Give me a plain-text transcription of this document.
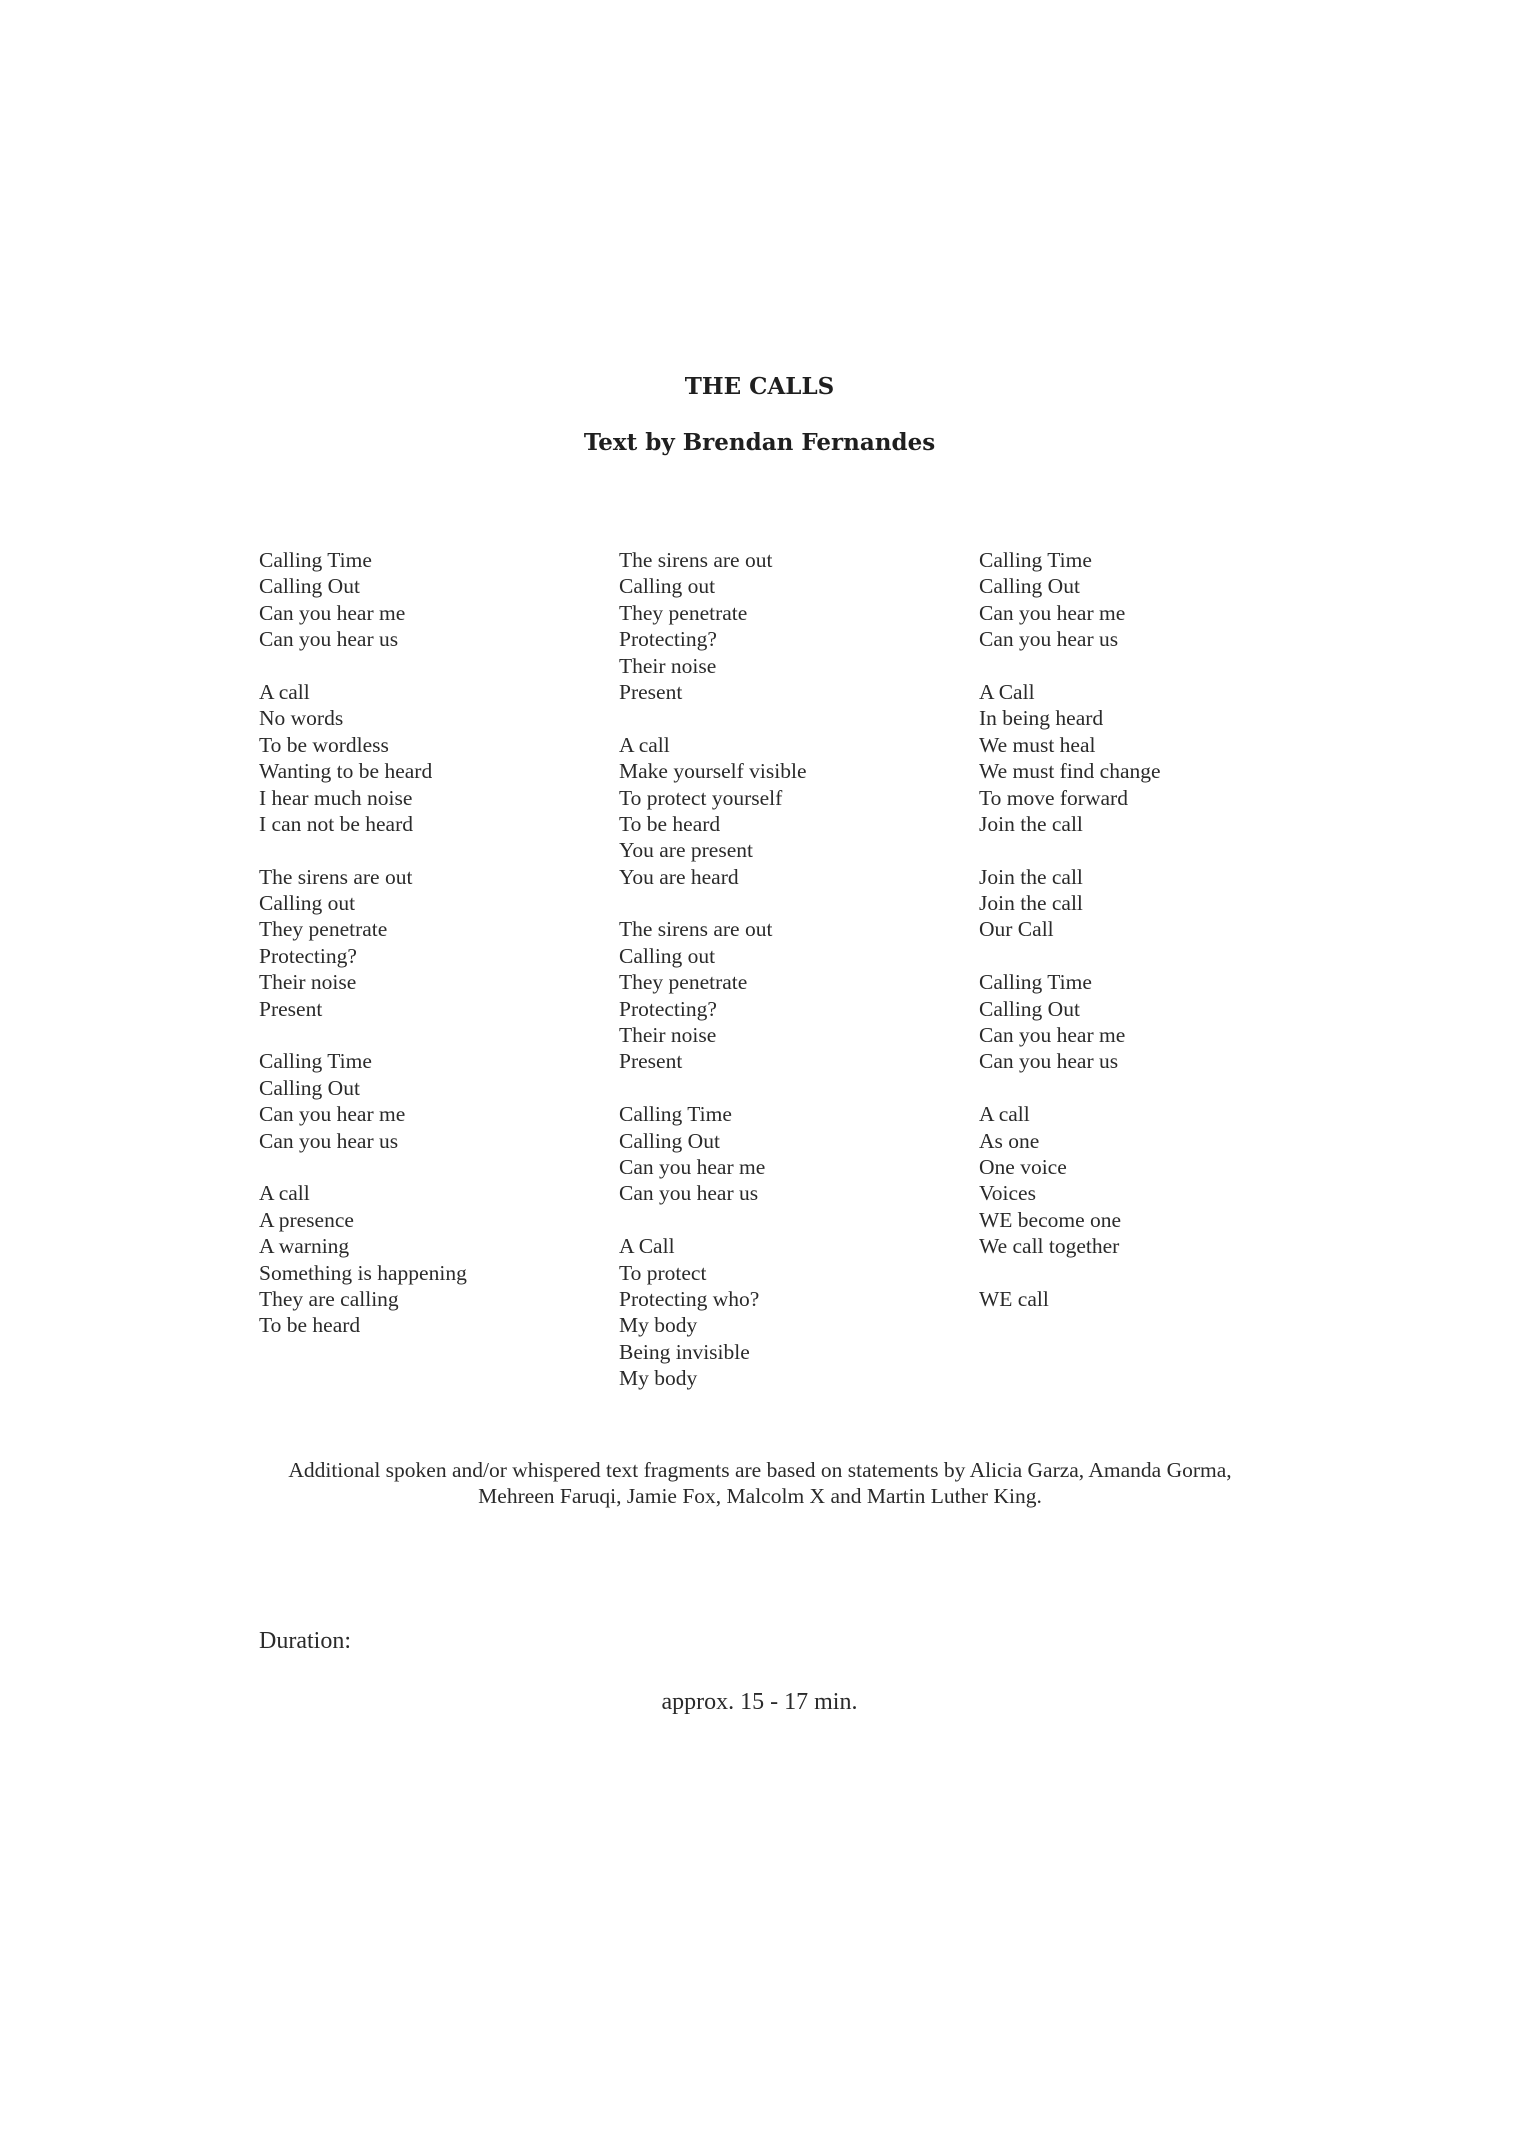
THE CALLS
Text by Brendan Fernandes
Calling Time
Calling Out
Can you hear me
Can you hear us
A call
No words
To be wordless
Wanting to be heard
I hear much noise
I can not be heard
The sirens are out
Calling out
They penetrate
Protecting?
Their noise
Present
Calling Time
Calling Out
Can you hear me
Can you hear us
A call
A presence
A warning
Something is happening
They are calling
To be heard
The sirens are out
Calling out
They penetrate
Protecting?
Their noise
Present
A call
Make yourself visible
To protect yourself
To be heard
You are present
You are heard
The sirens are out
Calling out
They penetrate
Protecting?
Their noise
Present
Calling Time
Calling Out
Can you hear me
Can you hear us
A Call
To protect
Protecting who?
My body
Being invisible
My body
Calling Time
Calling Out
Can you hear me
Can you hear us
A Call
In being heard
We must heal
We must find change
To move forward
Join the call
Join the call
Join the call
Our Call
Calling Time
Calling Out
Can you hear me
Can you hear us
A call
As one
One voice
Voices
WE become one
We call together
WE call
Additional spoken and/or whispered text fragments are based on statements by Alicia Garza, Amanda Gorma, Mehreen Faruqi, Jamie Fox, Malcolm X and Martin Luther King.
Duration:
approx. 15 - 17 min.
